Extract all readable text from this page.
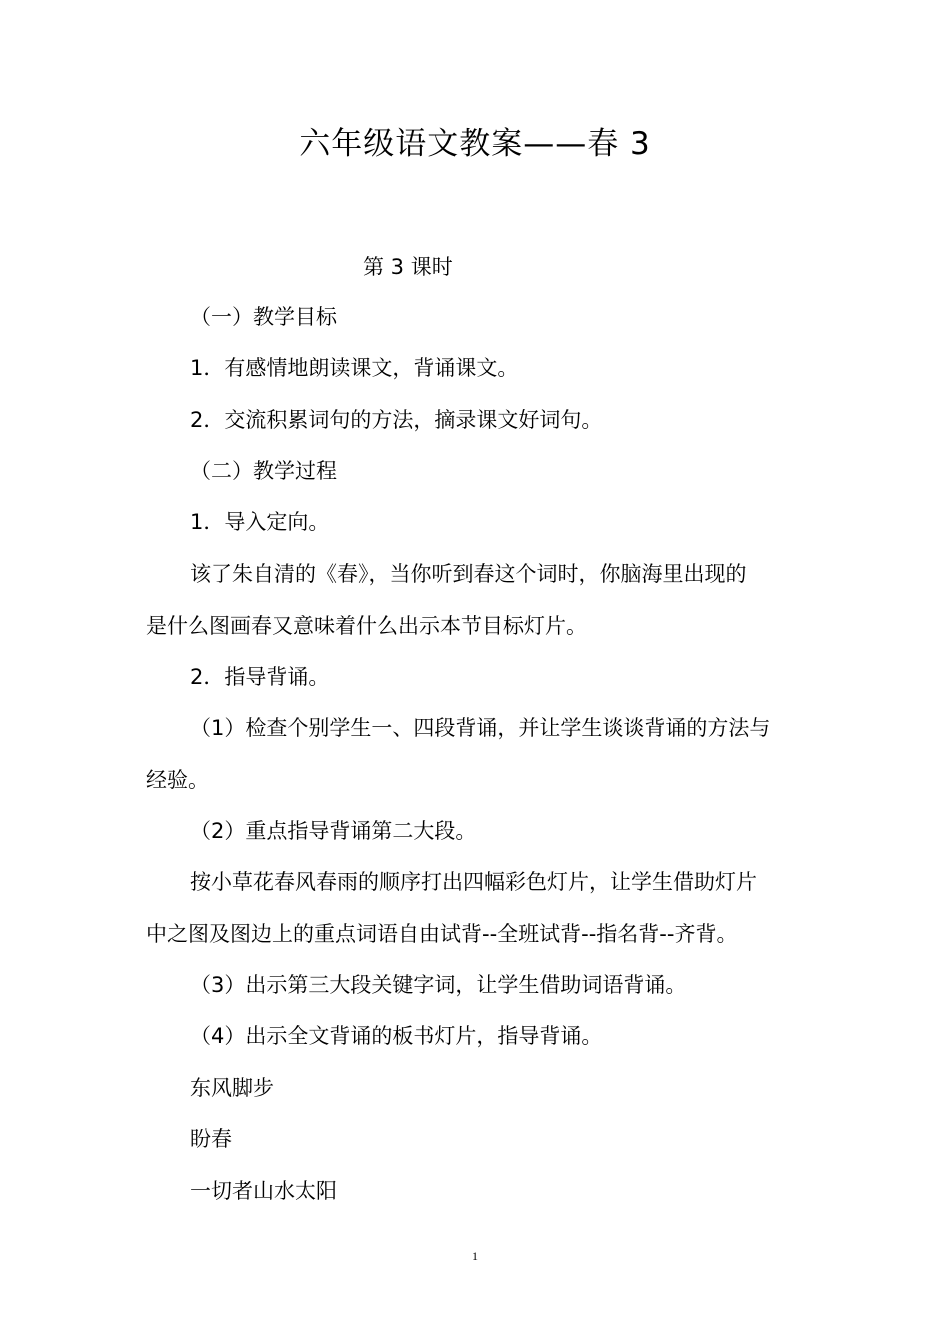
六年级语文教案——春 3
第 3 课时
（一）教学目标
1．有感情地朗读课文，背诵课文。
2．交流积累词句的方法，摘录课文好词句。
（二）教学过程
1．导入定向。
该了朱自清的《春》，当你听到春这个词时，你脑海里出现的
是什么图画春又意味着什么出示本节目标灯片。
2．指导背诵。
（1）检查个别学生一、四段背诵，并让学生谈谈背诵的方法与
经验。
（2）重点指导背诵第二大段。
按小草花春风春雨的顺序打出四幅彩色灯片，让学生借助灯片
中之图及图边上的重点词语自由试背--全班试背--指名背--齐背。
（3）出示第三大段关键字词，让学生借助词语背诵。
（4）出示全文背诵的板书灯片，指导背诵。
东风脚步
盼春
一切者山水太阳
1
